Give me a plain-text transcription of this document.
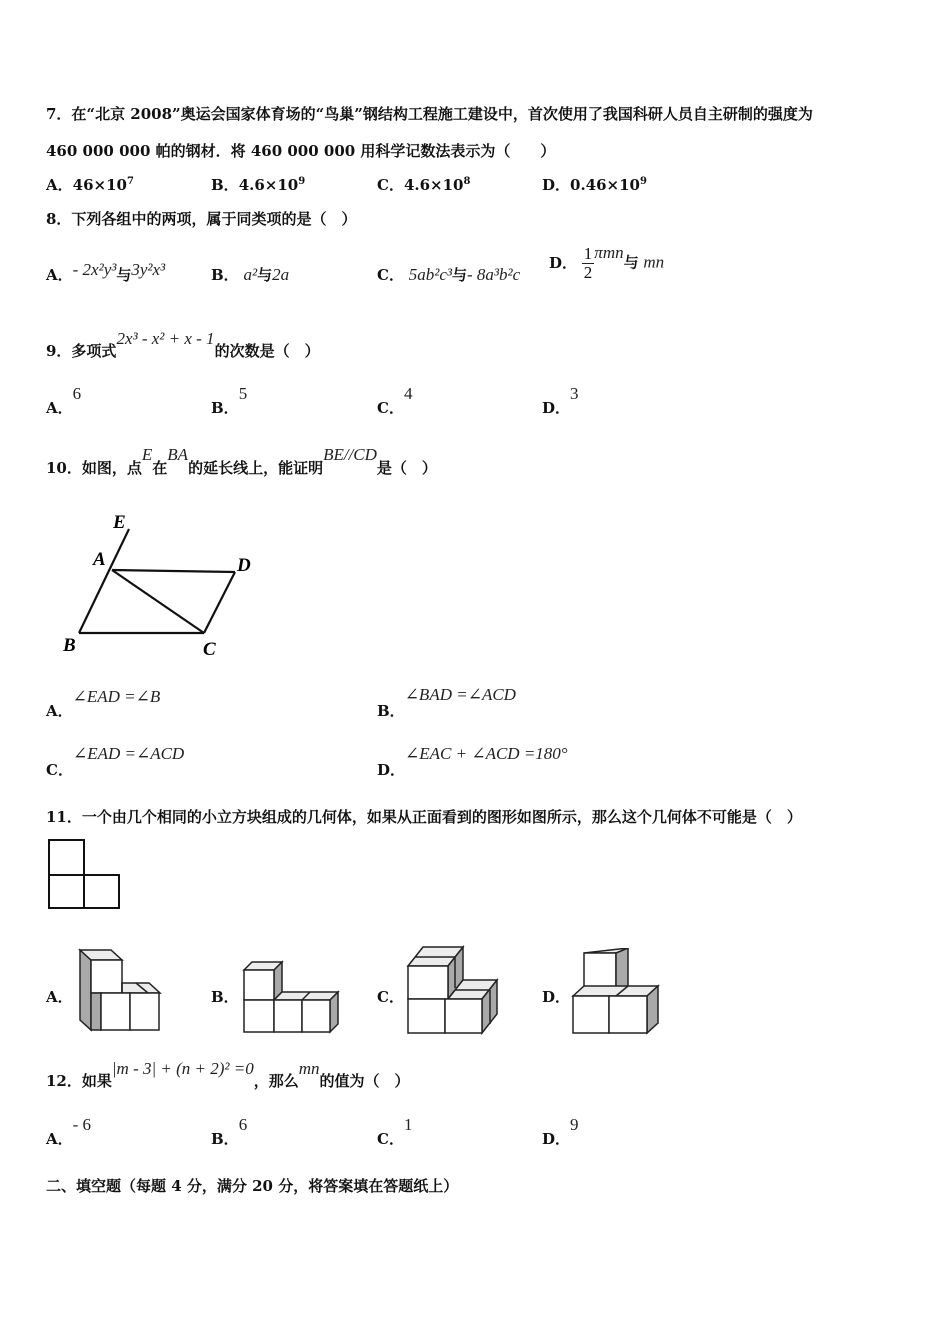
7．在“北京 2008”奥运会国家体育场的“鸟巢”钢结构工程施工建设中，首次使用了我国科研人员自主研制的强度为
460 000 000 帕的钢材．将 460 000 000 用科学记数法表示为（　　）
A．$46\times 10^7$	B．$4.6\times 10^9$	C．$4.6\times 10^8$	D．$0.46\times 10^9$
8．下列各组中的两项，属于同类项的是（　）
A．- 2x²y³与3y²x³	B． a²与2a	C． 5ab²c³与- 8a³b²c
D． $\frac{1}{2}$ πmn与 mn
9．多项式2x³ - x² + x - 1的次数是（　）
A．6
B．5
C．4
D．3
10．如图，点E在BA的延长线上，能证明BE//CD是（　）
E
A	D
B	C
A．∠EAD =∠B
B．∠BAD =∠ACD
C．∠EAD =∠ACD
D．∠EAC + ∠ACD =180°
11．一个由几个相同的小立方块组成的几何体，如果从正面看到的图形如图所示，那么这个几何体不可能是（　）
A．	B．	C．	D．
12．如果|m - 3| + (n + 2)² =0，那么mn的值为（　）
A．- 6
B．6
C．1
D．9
二、填空题（每题 4 分，满分 20 分，将答案填在答题纸上）
